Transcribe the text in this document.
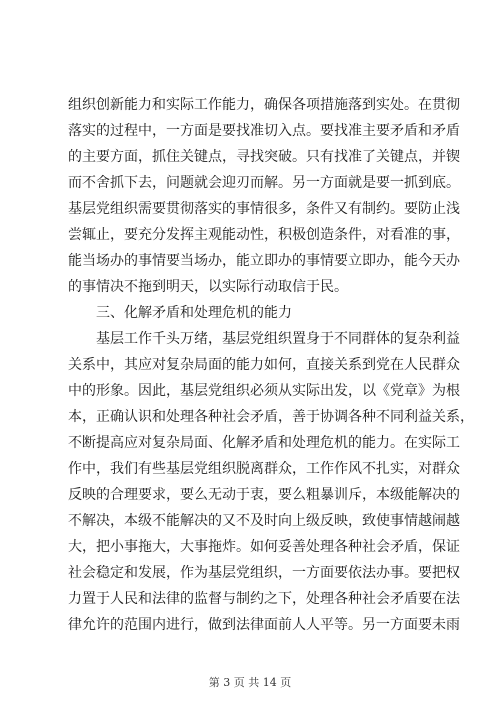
组织创新能力和实际工作能力，确保各项措施落到实处。在贯彻
落实的过程中，一方面是要找准切入点。要找准主要矛盾和矛盾
的主要方面，抓住关键点，寻找突破。只有找准了关键点，并锲
而不舍抓下去，问题就会迎刃而解。另一方面就是要一抓到底。
基层党组织需要贯彻落实的事情很多，条件又有制约。要防止浅
尝辄止，要充分发挥主观能动性，积极创造条件，对看准的事，
能当场办的事情要当场办，能立即办的事情要立即办，能今天办
的事情决不拖到明天，以实际行动取信于民。
三、化解矛盾和处理危机的能力
基层工作千头万绪，基层党组织置身于不同群体的复杂利益
关系中，其应对复杂局面的能力如何，直接关系到党在人民群众
中的形象。因此，基层党组织必须从实际出发，以《党章》为根
本，正确认识和处理各种社会矛盾，善于协调各种不同利益关系，
不断提高应对复杂局面、化解矛盾和处理危机的能力。在实际工
作中，我们有些基层党组织脱离群众，工作作风不扎实，对群众
反映的合理要求，要么无动于衷，要么粗暴训斥，本级能解决的
不解决，本级不能解决的又不及时向上级反映，致使事情越闹越
大，把小事拖大，大事拖炸。如何妥善处理各种社会矛盾，保证
社会稳定和发展，作为基层党组织，一方面要依法办事。要把权
力置于人民和法律的监督与制约之下，处理各种社会矛盾要在法
律允许的范围内进行，做到法律面前人人平等。另一方面要未雨
第 3 页 共 14 页
